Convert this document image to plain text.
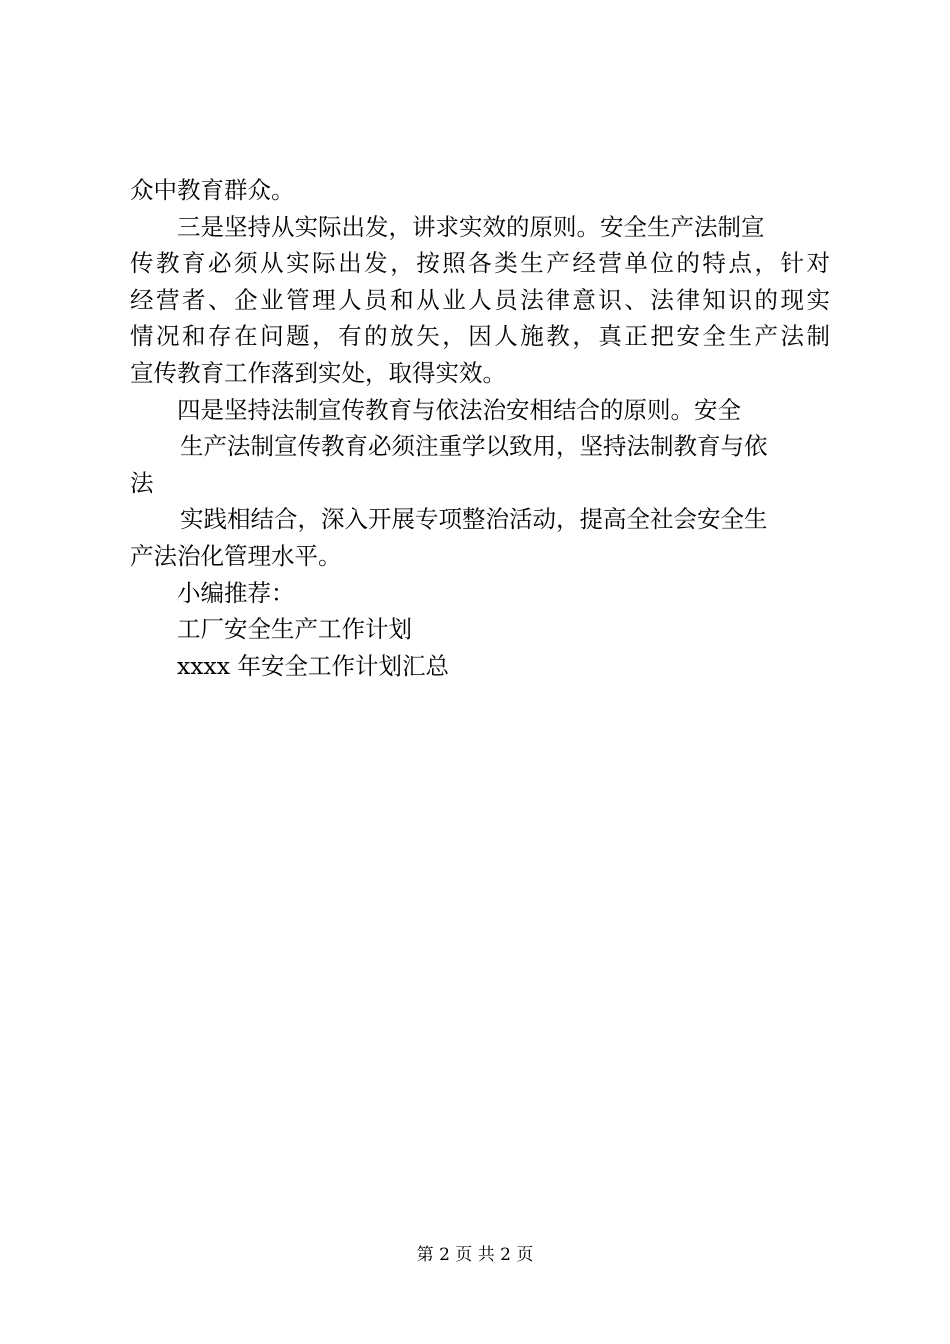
众中教育群众。
三是坚持从实际出发，讲求实效的原则。安全生产法制宣
传教育必须从实际出发，按照各类生产经营单位的特点，针对
经营者、企业管理人员和从业人员法律意识、法律知识的现实
情况和存在问题，有的放矢，因人施教，真正把安全生产法制
宣传教育工作落到实处，取得实效。
四是坚持法制宣传教育与依法治安相结合的原则。安全
生产法制宣传教育必须注重学以致用，坚持法制教育与依
法
实践相结合，深入开展专项整治活动，提高全社会安全生
产法治化管理水平。
小编推荐：
工厂安全生产工作计划
xxxx 年安全工作计划汇总
第 2 页 共 2 页
